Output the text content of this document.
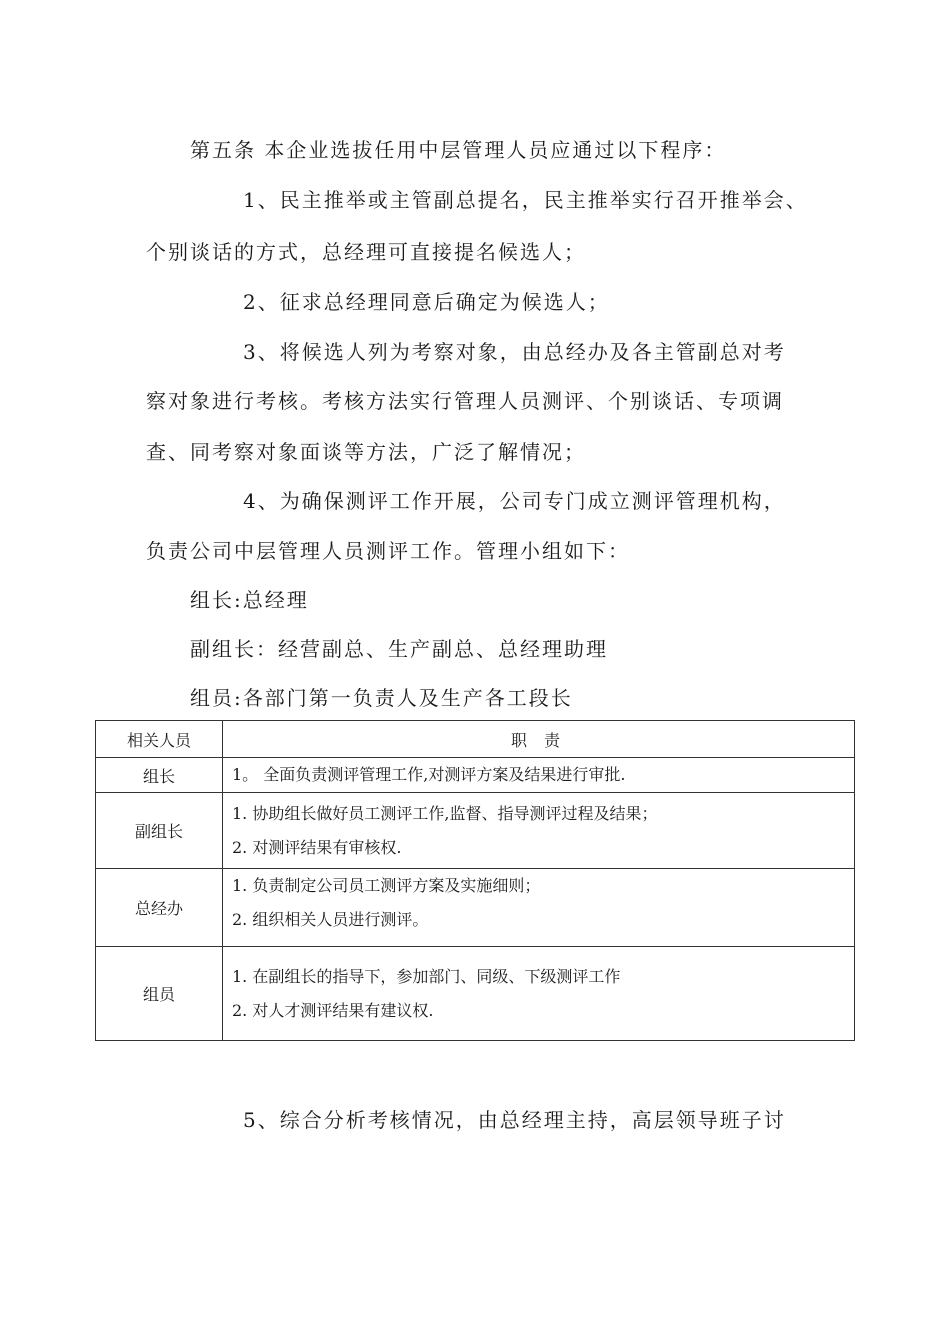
第五条 本企业选拔任用中层管理人员应通过以下程序：
1、民主推举或主管副总提名，民主推举实行召开推举会、
个别谈话的方式，总经理可直接提名候选人；
2、征求总经理同意后确定为候选人；
3、将候选人列为考察对象，由总经办及各主管副总对考
察对象进行考核。考核方法实行管理人员测评、个别谈话、专项调
查、同考察对象面谈等方法，广泛了解情况；
4、为确保测评工作开展，公司专门成立测评管理机构，
负责公司中层管理人员测评工作。管理小组如下：
组长:总经理
副组长：经营副总、生产副总、总经理助理
组员:各部门第一负责人及生产各工段长
相关人员	职 责
组长	1。 全面负责测评管理工作,对测评方案及结果进行审批.

副组长	1. 协助组长做好员工测评工作,监督、指导测评过程及结果；
2. 对测评结果有审核权.

总经办	1. 负责制定公司员工测评方案及实施细则；
2. 组织相关人员进行测评。

组员	1. 在副组长的指导下，参加部门、同级、下级测评工作
2. 对人才测评结果有建议权.
5、综合分析考核情况，由总经理主持，高层领导班子讨
